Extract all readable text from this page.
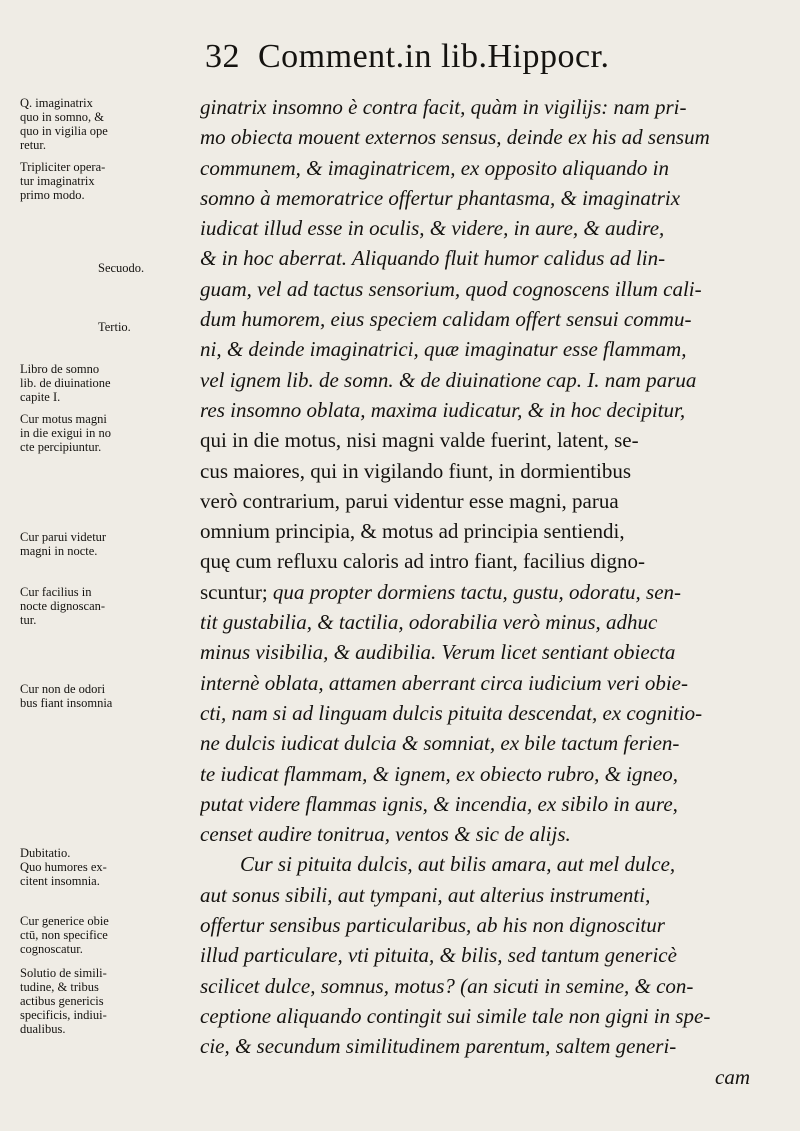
32 Comment.in lib.Hippocr.
ginatrix insomno è contra facit, quàm in vigilijs: nam pri-
mo obiecta mouent externos sensus, deinde ex his ad sensum
communem, & imaginatricem, ex opposito aliquando in
somno à memoratrice offertur phantasma, & imaginatrix
iudicat illud esse in oculis, & videre, in aure, & audire,
& in hoc aberrat. Aliquando fluit humor calidus ad lin-
guam, vel ad tactus sensorium, quod cognoscens illum cali-
dum humorem, eius speciem calidam offert sensui commu-
ni, & deinde imaginatrici, quæ imaginatur esse flammam,
vel ignem lib. de somn. & de diuinatione cap. I. nam parua
res insomno oblata, maxima iudicatur, & in hoc decipitur,
qui in die motus, nisi magni valde fuerint, latent, se-
cus maiores, qui in vigilando fiunt, in dormientibus
verò contrarium, parui videntur esse magni, parua
omnium principia, & motus ad principia sentiendi,
quę cum refluxu caloris ad intro fiant, facilius digno-
scuntur; qua propter dormiens tactu, gustu, odoratu, sen-
tit gustabilia, & tactilia, odorabilia verò minus, adhuc
minus visibilia, & audibilia. Verum licet sentiant obiecta
internè oblata, attamen aberrant circa iudicium veri obie-
cti, nam si ad linguam dulcis pituita descendat, ex cognitio-
ne dulcis iudicat dulcia & somniat, ex bile tactum ferien-
te iudicat flammam, & ignem, ex obiecto rubro, & igneo,
putat videre flammas ignis, & incendia, ex sibilo in aure,
censet audire tonitrua, ventos & sic de alijs.
Cur si pituita dulcis, aut bilis amara, aut mel dulce,
aut sonus sibili, aut tympani, aut alterius instrumenti,
offertur sensibus particularibus, ab his non dignoscitur
illud particulare, vti pituita, & bilis, sed tantum genericè
scilicet dulce, somnus, motus? (an sicuti in semine, & con-
ceptione aliquando contingit sui simile tale non gigni in spe-
cie, & secundum similitudinem parentum, saltem generi-
cam
Q. imaginatrix
quo in somno, &
quo in vigilia ope
retur.
Tripliciter opera-
tur imaginatrix
primo modo.
Secuodo.
Tertio.
Libro de somno
lib. de diuinatione
capite I.
Cur motus magni
in die exigui in no
cte percipiuntur.
Cur parui videtur
magni in nocte.
Cur facilius in
nocte dignoscan-
tur.
Cur non de odori
bus fiant insomnia
Dubitatio.
Quo humores ex-
citent insomnia.
Cur generice obie
ctū, non specifice
cognoscatur.
Solutio de simili-
tudine, & tribus
actibus genericis
specificis, indiui-
dualibus.
